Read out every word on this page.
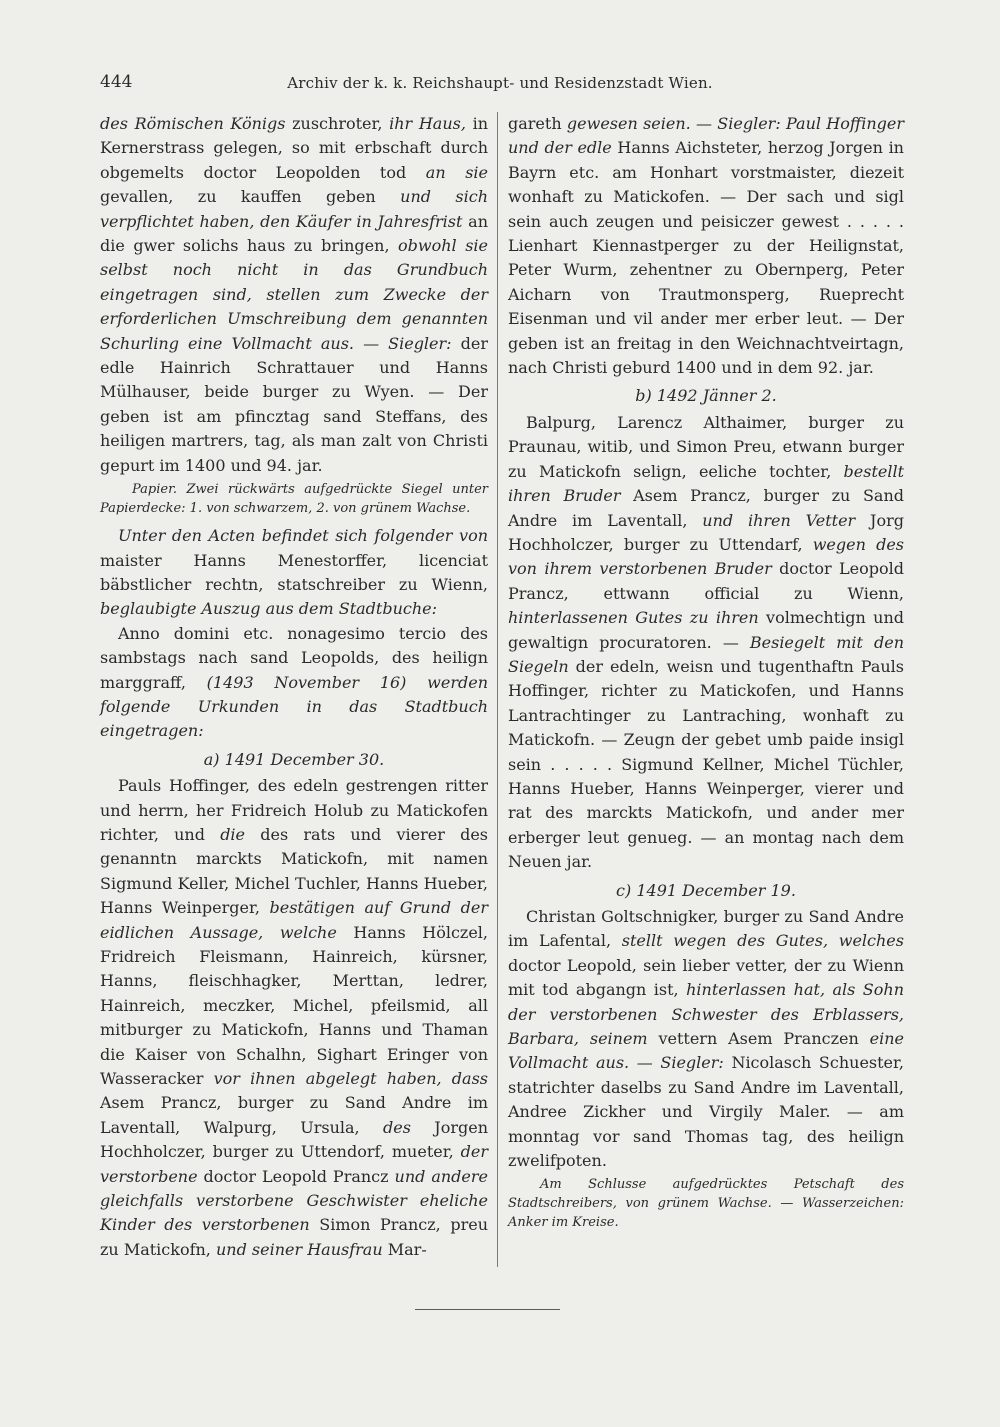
444	Archiv der k. k. Reichshaupt- und Residenzstadt Wien.

des Römischen Königs zuschroter, ihr Haus, in Kernerstrass gelegen, so mit erbschaft durch obgemelts doctor Leopolden tod an sie gevallen, zu kauffen geben und sich verpflichtet haben, den Käufer in Jahresfrist an die gwer solichs haus zu bringen, obwohl sie selbst noch nicht in das Grundbuch eingetragen sind, stellen zum Zwecke der erforderlichen Umschreibung dem genannten Schurling eine Vollmacht aus. — Siegler: der edle Hainrich Schrattauer und Hanns Mülhauser, beide burger zu Wyen. — Der geben ist am pfincztag sand Steffans, des heiligen martrers, tag, als man zalt von Christi gepurt im 1400 und 94. jar.

Papier. Zwei rückwärts aufgedrückte Siegel unter Papierdecke: 1. von schwarzem, 2. von grünem Wachse.

Unter den Acten befindet sich folgender von maister Hanns Menestorffer, licenciat bäbstlicher rechtn, statschreiber zu Wienn, beglaubigte Auszug aus dem Stadtbuche:

Anno domini etc. nonagesimo tercio des sambstags nach sand Leopolds, des heilign marggraff, (1493 November 16) werden folgende Urkunden in das Stadtbuch eingetragen:

a) 1491 December 30.

Pauls Hoffinger, des edeln gestrengen ritter und herrn, her Fridreich Holub zu Matickofen richter, und die des rats und vierer des genanntn marckts Matickofn, mit namen Sigmund Keller, Michel Tuchler, Hanns Hueber, Hanns Weinperger, bestätigen auf Grund der eidlichen Aussage, welche Hanns Hölczel, Fridreich Fleismann, Hainreich, kürsner, Hanns, fleischhagker, Merttan, ledrer, Hainreich, meczker, Michel, pfeilsmid, all mitburger zu Matickofn, Hanns und Thaman die Kaiser von Schalhn, Sighart Eringer von Wasseracker vor ihnen abgelegt haben, dass Asem Prancz, burger zu Sand Andre im Laventall, Walpurg, Ursula, des Jorgen Hochholczer, burger zu Uttendorf, mueter, der verstorbene doctor Leopold Prancz und andere gleichfalls verstorbene Geschwister eheliche Kinder des verstorbenen Simon Prancz, preu zu Matickofn, und seiner Hausfrau Mar-

gareth gewesen seien. — Siegler: Paul Hoffinger und der edle Hanns Aichsteter, herzog Jorgen in Bayrn etc. am Honhart vorstmaister, diezeit wonhaft zu Matickofen. — Der sach und sigl sein auch zeugen und peisiczer gewest . . . . . Lienhart Kiennastperger zu der Heilignstat, Peter Wurm, zehentner zu Obernperg, Peter Aicharn von Trautmonsperg, Rueprecht Eisenman und vil ander mer erber leut. — Der geben ist an freitag in den Weichnachtveirtagn, nach Christi geburd 1400 und in dem 92. jar.

b) 1492 Jänner 2.

Balpurg, Larencz Althaimer, burger zu Praunau, witib, und Simon Preu, etwann burger zu Matickofn selign, eeliche tochter, bestellt ihren Bruder Asem Prancz, burger zu Sand Andre im Laventall, und ihren Vetter Jorg Hochholczer, burger zu Uttendarf, wegen des von ihrem verstorbenen Bruder doctor Leopold Prancz, ettwann official zu Wienn, hinterlassenen Gutes zu ihren volmechtign und gewaltign procuratoren. — Besiegelt mit den Siegeln der edeln, weisn und tugenthaftn Pauls Hoffinger, richter zu Matickofen, und Hanns Lantrachtinger zu Lantraching, wonhaft zu Matickofn. — Zeugn der gebet umb paide insigl sein . . . . . Sigmund Kellner, Michel Tüchler, Hanns Hueber, Hanns Weinperger, vierer und rat des marckts Matickofn, und ander mer erberger leut genueg. — an montag nach dem Neuen jar.

c) 1491 December 19.

Christan Goltschnigker, burger zu Sand Andre im Lafental, stellt wegen des Gutes, welches doctor Leopold, sein lieber vetter, der zu Wienn mit tod abgangn ist, hinterlassen hat, als Sohn der verstorbenen Schwester des Erblassers, Barbara, seinem vettern Asem Pranczen eine Vollmacht aus. — Siegler: Nicolasch Schuester, statrichter daselbs zu Sand Andre im Laventall, Andree Zickher und Virgily Maler. — am monntag vor sand Thomas tag, des heilign zwelifpoten.

Am Schlusse aufgedrücktes Petschaft des Stadtschreibers, von grünem Wachse. — Wasserzeichen: Anker im Kreise.
